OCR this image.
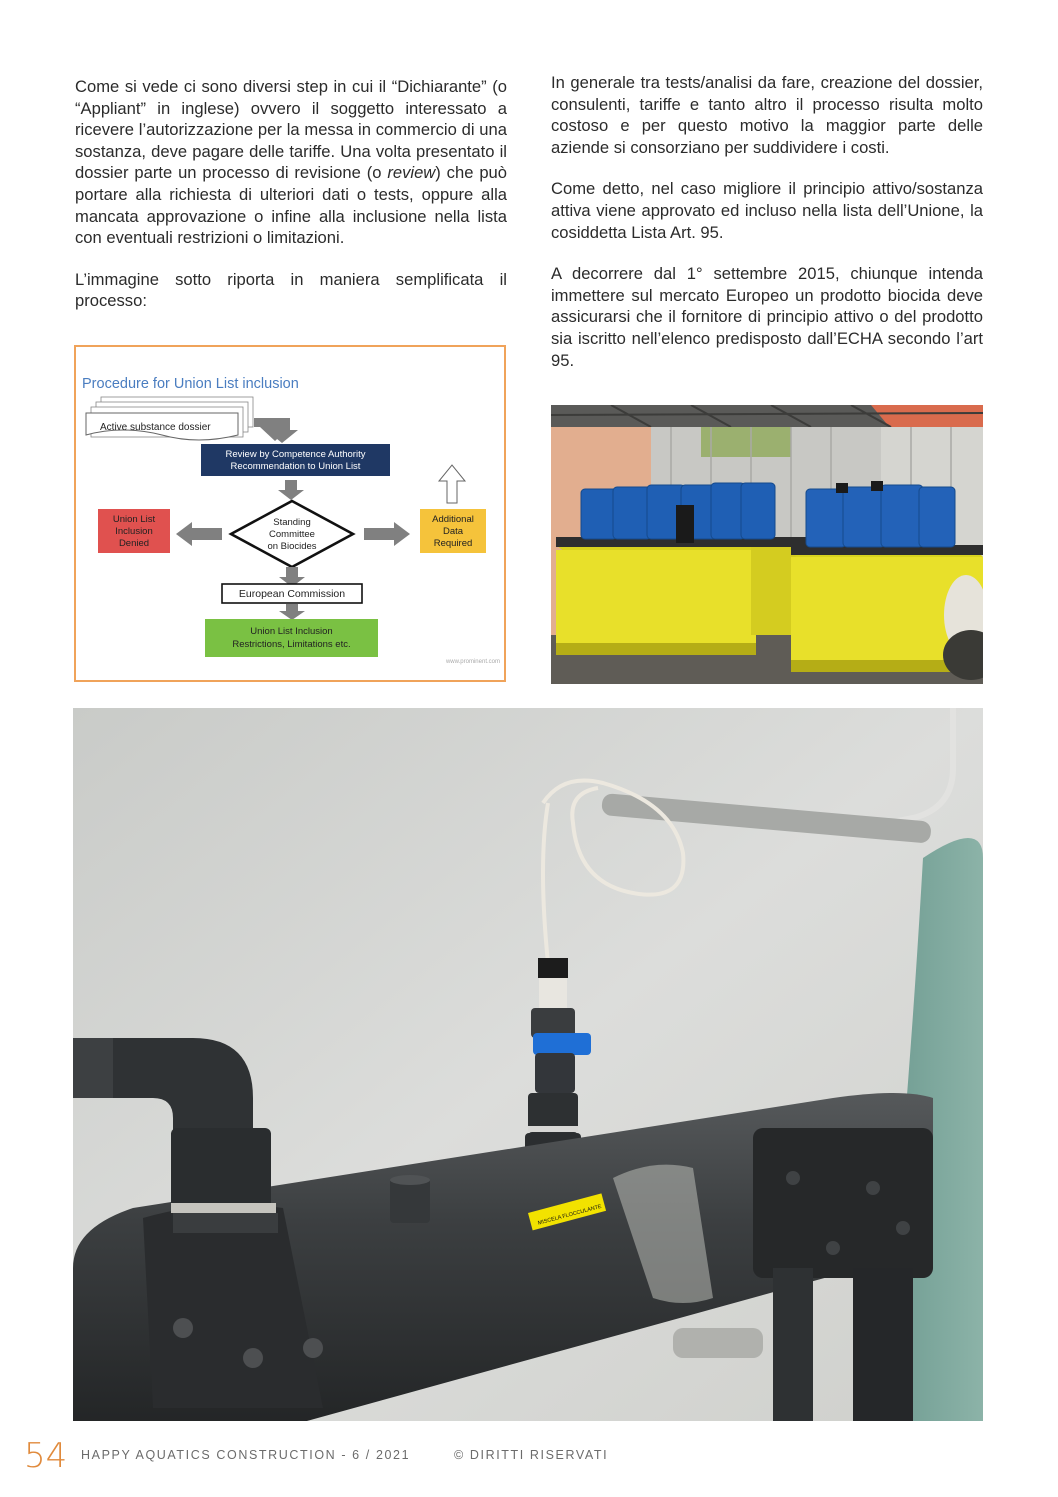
Come si vede ci sono diversi step in cui il “Dichiarante” (o “Appliant” in inglese) ovvero il soggetto interessato a ricevere l’autorizzazione per la messa in commercio di una sostanza, deve pagare delle tariffe. Una volta presentato il dossier parte un processo di revisione (o review) che può portare alla richiesta di ulteriori dati o tests, oppure alla mancata approvazione o infine alla inclusione nella lista con eventuali restrizioni o limitazioni.

L’immagine sotto riporta in maniera semplificata il processo:

In generale tra tests/analisi da fare, creazione del dossier, consulenti, tariffe e tanto altro il processo risulta molto costoso e per questo motivo la maggior parte delle aziende si consorziano per suddividere i costi.

Come detto, nel caso migliore il principio attivo/sostanza attiva viene approvato ed incluso nella lista dell’Unione, la cosiddetta Lista Art. 95.

A decorrere dal 1° settembre 2015, chiunque intenda immettere sul mercato Europeo un prodotto biocida deve assicurarsi che il fornitore di principio attivo o del prodotto sia iscritto nell’elenco predisposto dall’ECHA secondo l’art 95.

Procedure for Union List inclusion
Active substance dossier
Review by Competence Authority
Recommendation to Union List
Standing
Committee
on Biocides
Union List
Inclusion
Denied
Additional
Data
Required
European Commission
Union List Inclusion
Restrictions, Limitations etc.
www.prominent.com
MISCELA FLOCCULANTE
54 HAPPY AQUATICS CONSTRUCTION - 6 / 2021	© DIRITTI RISERVATI
